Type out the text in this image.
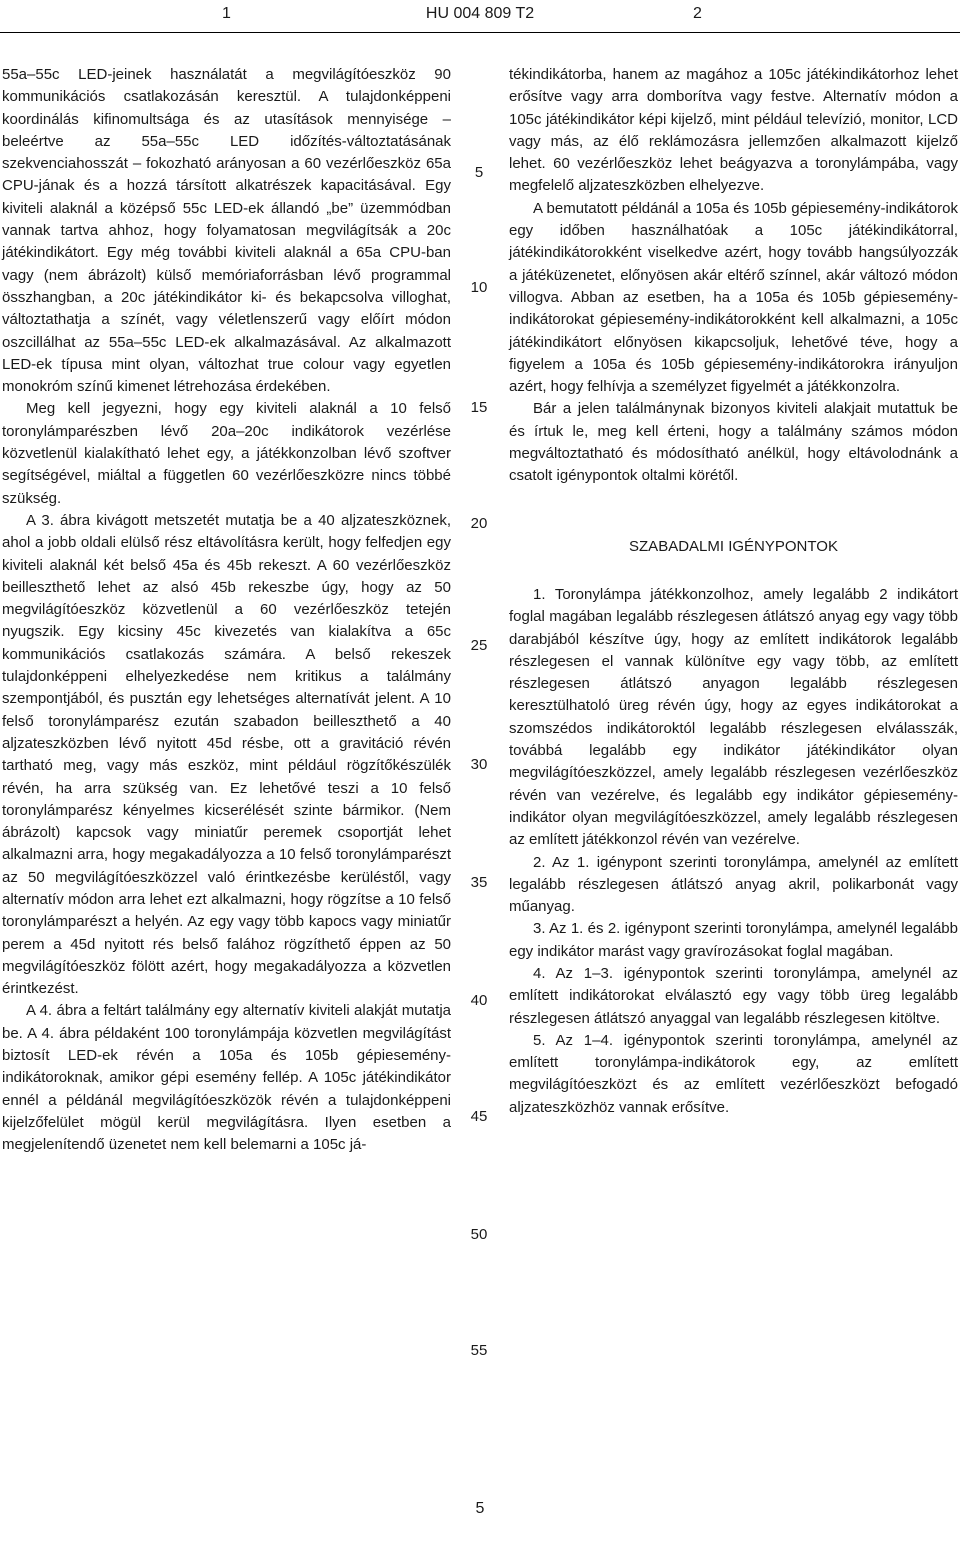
1	HU 004 809 T2	2

55a–55c LED-jeinek használatát a megvilágítóeszköz 90 kommunikációs csatlakozásán keresztül. A tulajdonképpeni koordinálás kifinomultsága és az utasítások mennyisége – beleértve az 55a–55c LED időzítés-változtatásának szekvenciahosszát – fokozható arányosan a 60 vezérlőeszköz 65a CPU-jának és a hozzá társított alkatrészek kapacitásával. Egy kiviteli alaknál a középső 55c LED-ek állandó „be” üzemmódban vannak tartva ahhoz, hogy folyamatosan megvilágítsák a 20c játékindikátort. Egy még további kiviteli alaknál a 65a CPU-ban vagy (nem ábrázolt) külső memóriaforrásban lévő programmal összhangban, a 20c játékindikátor ki- és bekapcsolva villoghat, változtathatja a színét, vagy véletlenszerű vagy előírt módon oszcillálhat az 55a–55c LED-ek alkalmazásával. Az alkalmazott LED-ek típusa mint olyan, változhat true colour vagy egyetlen monokróm színű kimenet létrehozása érdekében.

Meg kell jegyezni, hogy egy kiviteli alaknál a 10 felső toronylámparészben lévő 20a–20c indikátorok vezérlése közvetlenül kialakítható lehet egy, a játékkonzolban lévő szoftver segítségével, miáltal a független 60 vezérlőeszközre nincs többé szükség.

A 3. ábra kivágott metszetét mutatja be a 40 aljzateszköznek, ahol a jobb oldali elülső rész eltávolításra került, hogy felfedjen egy kiviteli alaknál két belső 45a és 45b rekeszt. A 60 vezérlőeszköz beilleszthető lehet az alsó 45b rekeszbe úgy, hogy az 50 megvilágítóeszköz közvetlenül a 60 vezérlőeszköz tetején nyugszik. Egy kicsiny 45c kivezetés van kialakítva a 65c kommunikációs csatlakozás számára. A belső rekeszek tulajdonképpeni elhelyezkedése nem kritikus a találmány szempontjából, és pusztán egy lehetséges alternatívát jelent. A 10 felső toronylámparész ezután szabadon beilleszthető a 40 aljzateszközben lévő nyitott 45d résbe, ott a gravitáció révén tartható meg, vagy más eszköz, mint például rögzítőkészülék révén, ha arra szükség van. Ez lehetővé teszi a 10 felső toronylámparész kényelmes kicserélését szinte bármikor. (Nem ábrázolt) kapcsok vagy miniatűr peremek csoportját lehet alkalmazni arra, hogy megakadályozza a 10 felső toronylámparészt az 50 megvilágítóeszközzel való érintkezésbe kerüléstől, vagy alternatív módon arra lehet ezt alkalmazni, hogy rögzítse a 10 felső toronylámparészt a helyén. Az egy vagy több kapocs vagy miniatűr perem a 45d nyitott rés belső falához rögzíthető éppen az 50 megvilágítóeszköz fölött azért, hogy megakadályozza a közvetlen érintkezést.

A 4. ábra a feltárt találmány egy alternatív kiviteli alakját mutatja be. A 4. ábra példaként 100 toronylámpája közvetlen megvilágítást biztosít LED-ek révén a 105a és 105b gépiesemény-indikátoroknak, amikor gépi esemény fellép. A 105c játékindikátor ennél a példánál megvilágítóeszközök révén a tulajdonképpeni kijelzőfelület mögül kerül megvilágításra. Ilyen esetben a megjelenítendő üzenetet nem kell belemarni a 105c já-

tékindikátorba, hanem az magához a 105c játékindikátorhoz lehet erősítve vagy arra domborítva vagy festve. Alternatív módon a 105c játékindikátor képi kijelző, mint például televízió, monitor, LCD vagy más, az élő reklámozásra jellemzően alkalmazott kijelző lehet. 60 vezérlőeszköz lehet beágyazva a toronylámpába, vagy megfelelő aljzateszközben elhelyezve.

A bemutatott példánál a 105a és 105b gépiesemény-indikátorok egy időben használhatóak a 105c játékindikátorral, játékindikátorokként viselkedve azért, hogy tovább hangsúlyozzák a játéküzenetet, előnyösen akár eltérő színnel, akár változó módon villogva. Abban az esetben, ha a 105a és 105b gépiesemény-indikátorokat gépiesemény-indikátorokként kell alkalmazni, a 105c játékindikátort előnyösen kikapcsoljuk, lehetővé téve, hogy a figyelem a 105a és 105b gépiesemény-indikátorokra irányuljon azért, hogy felhívja a személyzet figyelmét a játékkonzolra.

Bár a jelen találmánynak bizonyos kiviteli alakjait mutattuk be és írtuk le, meg kell érteni, hogy a találmány számos módon megváltoztatható és módosítható anélkül, hogy eltávolodnánk a csatolt igénypontok oltalmi körétől.

SZABADALMI IGÉNYPONTOK

1. Toronylámpa játékkonzolhoz, amely legalább 2 indikátort foglal magában legalább részlegesen átlátszó anyag egy vagy több darabjából készítve úgy, hogy az említett indikátorok legalább részlegesen el vannak különítve egy vagy több, az említett részlegesen átlátszó anyagon legalább részlegesen keresztülhatoló üreg révén úgy, hogy az egyes indikátorokat a szomszédos indikátoroktól legalább részlegesen elválasszák, továbbá legalább egy indikátor játékindikátor olyan megvilágítóeszközzel, amely legalább részlegesen vezérlőeszköz révén van vezérelve, és legalább egy indikátor gépiesemény-indikátor olyan megvilágítóeszközzel, amely legalább részlegesen az említett játékkonzol révén van vezérelve.

2. Az 1. igénypont szerinti toronylámpa, amelynél az említett legalább részlegesen átlátszó anyag akril, polikarbonát vagy műanyag.

3. Az 1. és 2. igénypont szerinti toronylámpa, amelynél legalább egy indikátor marást vagy gravírozásokat foglal magában.

4. Az 1–3. igénypontok szerinti toronylámpa, amelynél az említett indikátorokat elválasztó egy vagy több üreg legalább részlegesen átlátszó anyaggal van legalább részlegesen kitöltve.

5. Az 1–4. igénypontok szerinti toronylámpa, amelynél az említett toronylámpa-indikátorok egy, az említett megvilágítóeszközt és az említett vezérlőeszközt befogadó aljzateszközhöz vannak erősítve.

5
10
15
20
25
30
35
40
45
50
55
5
